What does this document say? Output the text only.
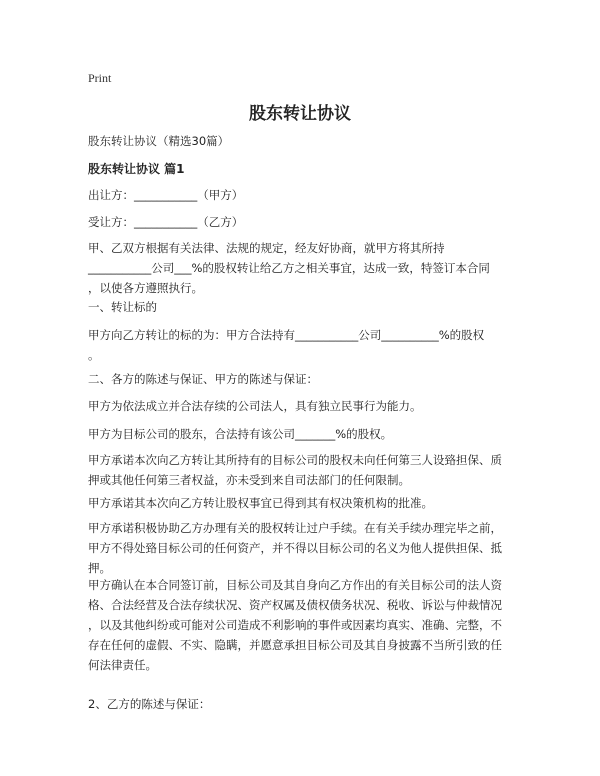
Print
股东转让协议

股东转让协议（精选30篇）

股东转让协议 篇1

出让方：___________（甲方）

受让方：___________（乙方）

甲、乙双方根据有关法律、法规的规定，经友好协商，就甲方将其所持
___________公司___%的股权转让给乙方之相关事宜，达成一致，特签订本合同
，以使各方遵照执行。

一、转让标的

甲方向乙方转让的标的为：甲方合法持有___________公司__________%的股权
。

二、各方的陈述与保证、甲方的陈述与保证：

甲方为依法成立并合法存续的公司法人，具有独立民事行为能力。

甲方为目标公司的股东，合法持有该公司_______%的股权。

甲方承诺本次向乙方转让其所持有的目标公司的股权未向任何第三人设臵担保、质
押或其他任何第三者权益，亦未受到来自司法部门的任何限制。

甲方承诺其本次向乙方转让股权事宜已得到其有权决策机构的批准。

甲方承诺积极协助乙方办理有关的股权转让过户手续。在有关手续办理完毕之前，
甲方不得处臵目标公司的任何资产，并不得以目标公司的名义为他人提供担保、抵
押。

甲方确认在本合同签订前，目标公司及其自身向乙方作出的有关目标公司的法人资
格、合法经营及合法存续状况、资产权属及债权债务状况、税收、诉讼与仲裁情况
，以及其他纠纷或可能对公司造成不利影响的事件或因素均真实、准确、完整，不
存在任何的虚假、不实、隐瞒，并愿意承担目标公司及其自身披露不当所引致的任
何法律责任。

2、乙方的陈述与保证：
